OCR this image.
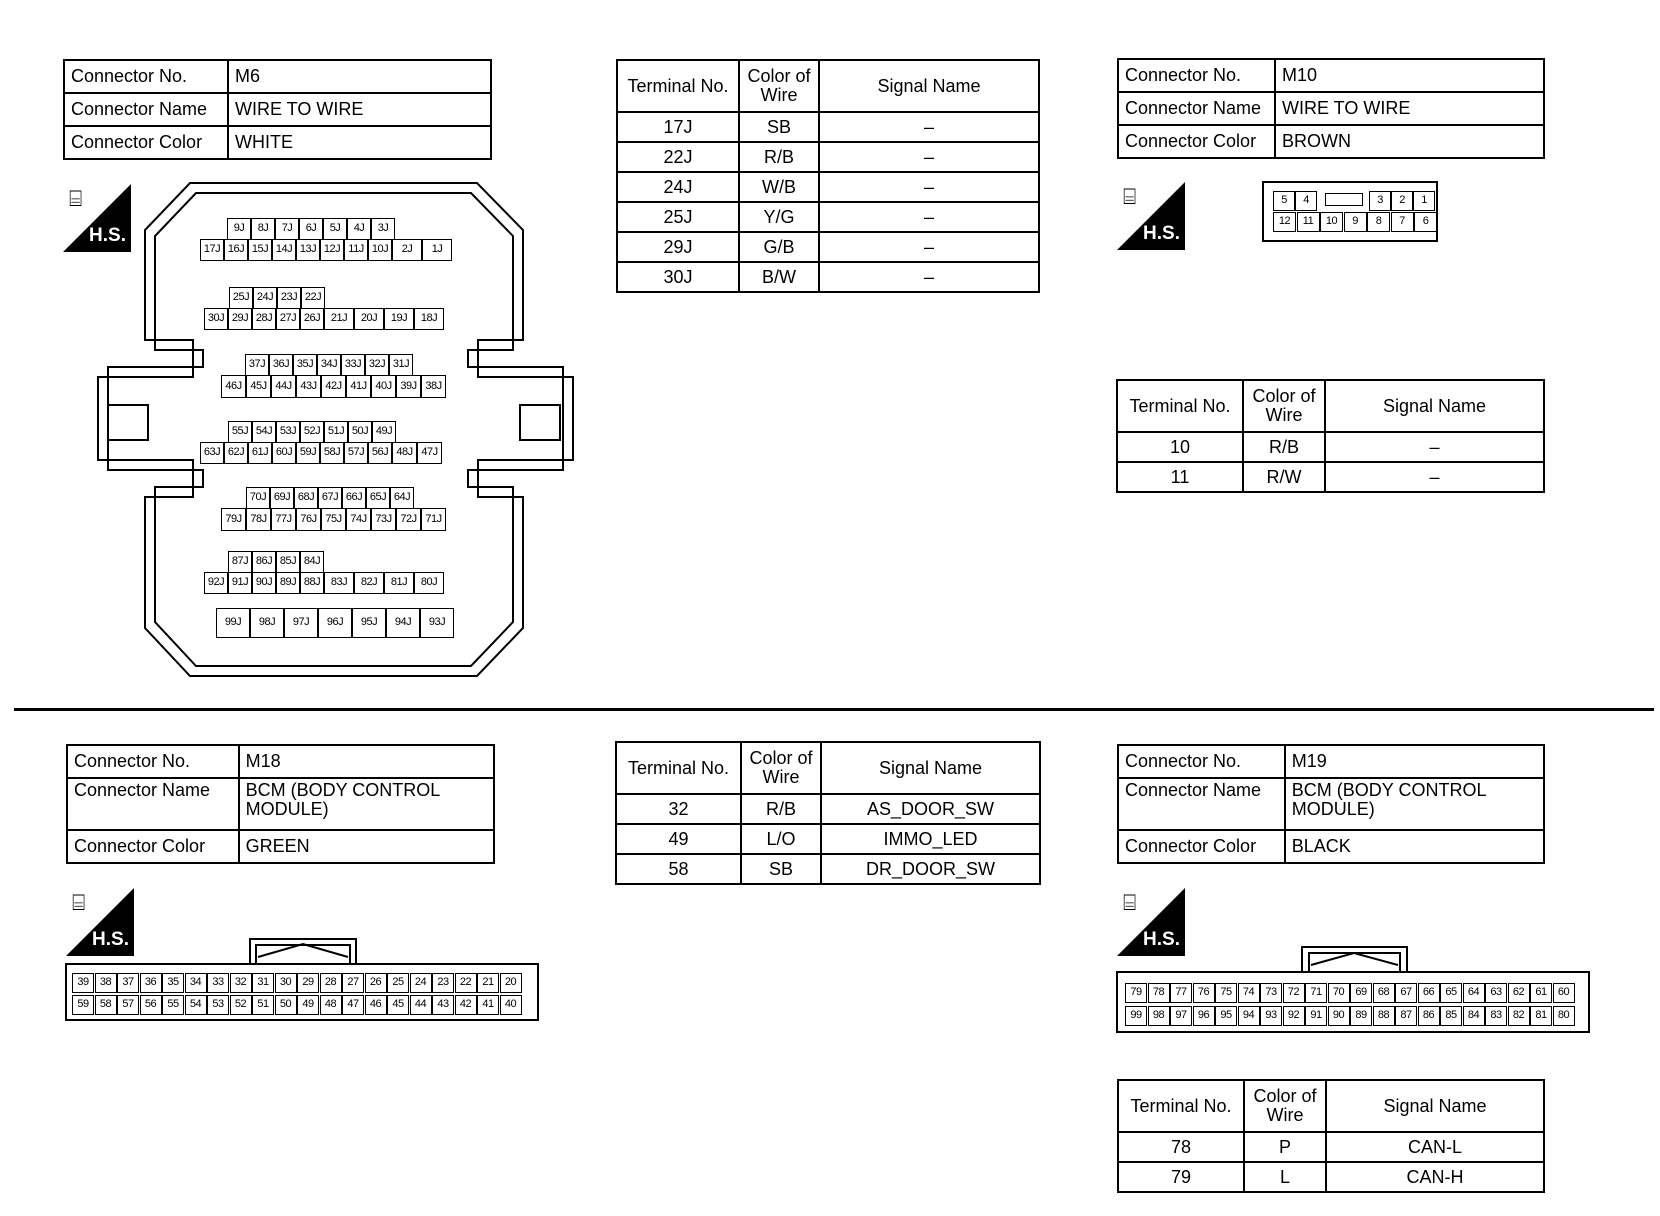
Connector No.	M6
Connector Name	WIRE TO WIRE
Connector Color	WHITE
⌸
H.S.	9J	8J	7J	6J	5J	4J	3J
17J 16J 15J 14J 13J 12J 11J 10J	2J	1J
25J 24J 23J 22J
30J 29J 28J 27J 26J 21J	20J	19J	18J
37J 36J 35J 34J 33J 32J 31J
46J 45J 44J 43J 42J 41J 40J 39J 38J
55J 54J 53J 52J 51J 50J 49J
63J 62J 61J 60J 59J 58J 57J 56J 48J 47J
70J 69J 68J 67J 66J 65J 64J
79J 78J 77J 76J 75J 74J 73J 72J 71J
87J 86J 85J 84J
92J 91J 90J 89J 88J 83J	82J	81J	80J
99J	98J	97J	96J	95J	94J	93J
Terminal No.	Color of Wire	Signal Name
17J	SB	–
22J	R/B	–
24J	W/B	–
25J	Y/G	–
29J	G/B	–
30J	B/W	–
Connector No.	M10
Connector Name	WIRE TO WIRE
Connector Color	BROWN
⌸
H.S.
5	4	3	2	1
12	11	10	9	8	7	6
Terminal No.	Color of Wire	Signal Name
10	R/B	–
11	R/W	–
Connector No.	M18
Connector Name	BCM (BODY CONTROL MODULE)
Connector Color	GREEN
⌸
H.S.
39	38	37	36	35	34	33	32	31	30	29	28	27	26	25	24	23	22	21	20
59	58	57	56	55	54	53	52	51	50	49	48	47	46	45	44	43	42	41	40
Terminal No.	Color of Wire	Signal Name
32	R/B	AS_DOOR_SW
49	L/O	IMMO_LED
58	SB	DR_DOOR_SW
Connector No.	M19
Connector Name	BCM (BODY CONTROL MODULE)
Connector Color	BLACK
⌸
H.S.
79	78	77	76	75	74	73	72	71	70	69	68	67	66	65	64	63	62	61	60
99	98	97	96	95	94	93	92	91	90	89	88	87	86	85	84	83	82	81	80
Terminal No.	Color of Wire	Signal Name
78	P	CAN-L
79	L	CAN-H
